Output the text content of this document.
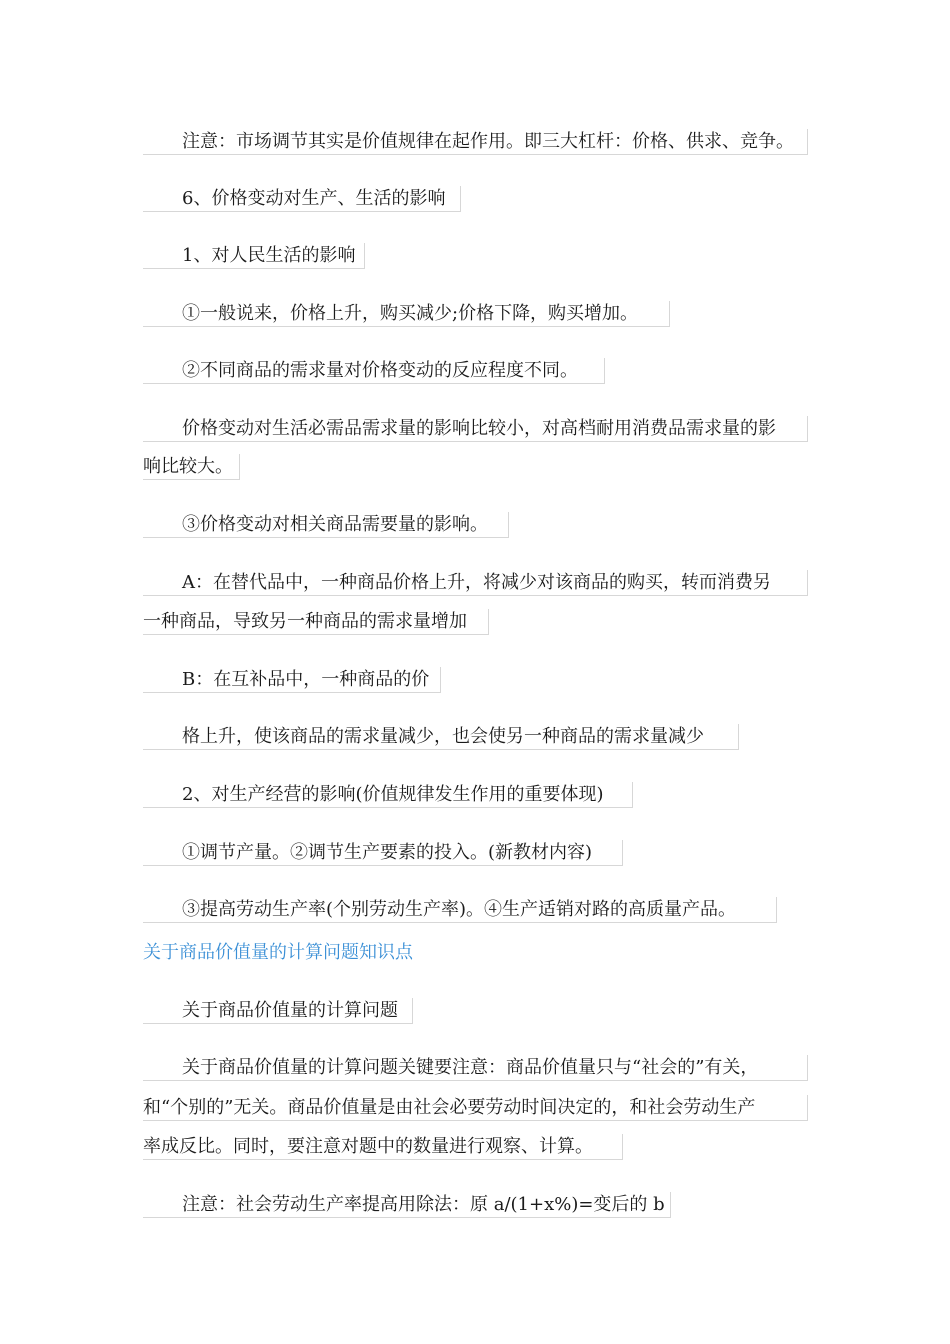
注意：市场调节其实是价值规律在起作用。即三大杠杆：价格、供求、竞争。
6、价格变动对生产、生活的影响
1、对人民生活的影响
①一般说来，价格上升，购买减少;价格下降，购买增加。
②不同商品的需求量对价格变动的反应程度不同。
价格变动对生活必需品需求量的影响比较小，对高档耐用消费品需求量的影
响比较大。
③价格变动对相关商品需要量的影响。
A：在替代品中，一种商品价格上升，将减少对该商品的购买，转而消费另
一种商品，导致另一种商品的需求量增加
B：在互补品中，一种商品的价
格上升，使该商品的需求量减少，也会使另一种商品的需求量减少
2、对生产经营的影响(价值规律发生作用的重要体现)
①调节产量。②调节生产要素的投入。(新教材内容)
③提高劳动生产率(个别劳动生产率)。④生产适销对路的高质量产品。
关于商品价值量的计算问题知识点
关于商品价值量的计算问题
关于商品价值量的计算问题关键要注意：商品价值量只与“社会的”有关，
和“个别的”无关。商品价值量是由社会必要劳动时间决定的，和社会劳动生产
率成反比。同时，要注意对题中的数量进行观察、计算。
注意：社会劳动生产率提高用除法：原 a/(1+x%)=变后的 b
